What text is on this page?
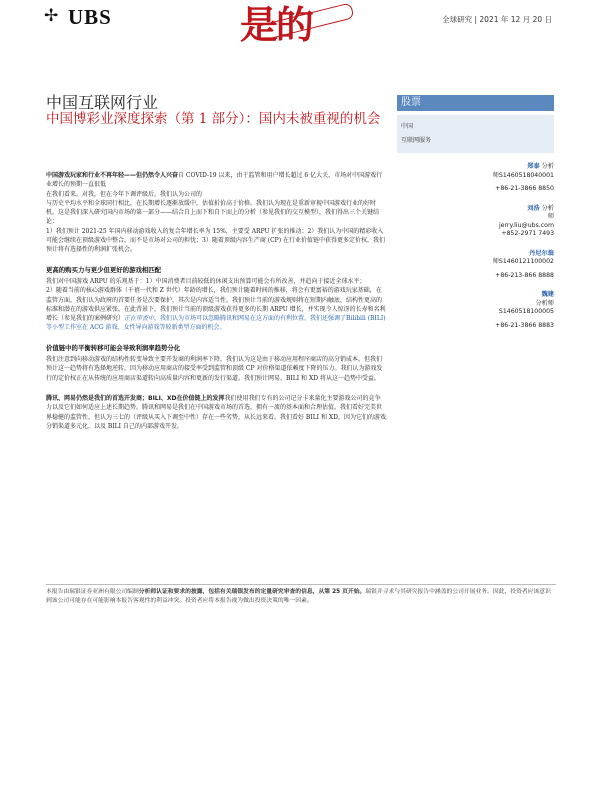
✢ UBS	是的	全球研究 | 2021 年 12 月 20 日
中国互联网行业
中国博彩业深度探索（第 1 部分）：国内未被重视的机会
股票
中国
互联网服务
郑泰 分析
师S1460518040001
+86-21-3866 8850
刘浩 分析
师
jerry.liu@ubs.com
+852-2971 7493
丹尼尔翁
师S1460121100002
+86-213-866 8888
魏建
分析师
S1460518100005
+86-21-3866 8883

中国游戏玩家和行业不再年轻——但仍然令人兴奋自 COVID-19 以来，由于监管和用户增长超过 6 亿大关，市场对中国游戏行业增长的预期一直很低

在我们看来。对我，但在今年下调评级后，我们认为公司的

与历史平均水平和全球同行相比，在长期增长逐渐放缓中，估值折价高于价格。我们认为现在是重新审视中国游戏行业的好时机。这是我们深入研究国内市场的第一部分——结合自上而下和自下而上的分析（参见我们的交互模型），我们得出三个关键结论：

1）我们预计 2021-25 年国内移动游戏收入的复合年增长率为 15%，主要受 ARPU 扩张的推动；2）我们认为中国的精彩收入可能会继续在顶级游戏中整合，而不是市场对公司的担忧；3）随着顶级内容生产商 (CP) 在行业价值链中获得更多定价权，我们预计将有选择性的利润扩张机会。

更高的购买力与更少但更好的游戏相匹配

我们对中国游戏 ARPU 的乐观基于：1）中国消费者目前较低的休闲支出预算可能会有所改善，并趋向于接近全球水平；

2）随着当前的核心游戏群体（千禧一代和 Z 世代）年龄的增长，我们预计随着时间的推移，将会有更富裕的游戏玩家基础，在监管方面，我们认为政府的首要任务是次要保护，其次是内容适当性。我们预计当前的游戏规则将在短期内触底，结构性更高的标准和潜在的游戏供应紧张。在此背景下，我们预计当前的顶级游戏获得更多的长期 ARPU 增长，并实现令人惊讶的长寿和名利增长（参见我们的案例研究）正在审查中。我们认为市场可以忽略腾讯和网易在这方面的有利位置，我们还强调了Bilibili (BILI)等小型工作室在 ACG 游戏、女性导向游戏等较新类型方面的机会。

价值链中的平衡转移可能会导致利润率趋势分化

我们注意到向移动游戏的结构性转变导致主要开发商的利润率下降，我们认为这是由于移动应用程序商店的高分销成本。但我们预计这一趋势将有选择地逆转，因为移动应用商店的接受率受到监管和顶级 CP 对价格渠道依赖度下降的压力。我们认为游戏发行的定价权正在从传统的应用商店渠道转向高质量内容和更新的发行渠道。我们预计网易、BILI 和 XD 将从这一趋势中受益。

腾讯、网易仍然是我们的首选开发商；BILI、XD在价值链上的发挥我们使用我们专有的公司记分卡来量化主要游戏公司的竞争力以及它们如何适应上述长期趋势。腾讯和网易是我们在中国游戏市场的首选，拥有一流的基本面和合理估值。我们看好完美世界稳健的监管性，但认为三七的（评级从买入下调至中性）存在一些劣势，从长远来看。我们看好 BILI 和 XD，因为它们的游戏分销渠道多元化，以及 BILI 自己的内部游戏开发。

本报告由瑞银证券亚洲有限公司编制分析师认证和要求的披露，包括有关瑞银发布的定量研究审查的信息，从第 25 页开始。瑞银并寻求与其研究报告中涵盖的公司开展业务。因此，投资者应该意识到该公司可能存在可能影响本报告客观性的利益冲突。投资者应将本报告视为做出投资决策的唯一因素。
